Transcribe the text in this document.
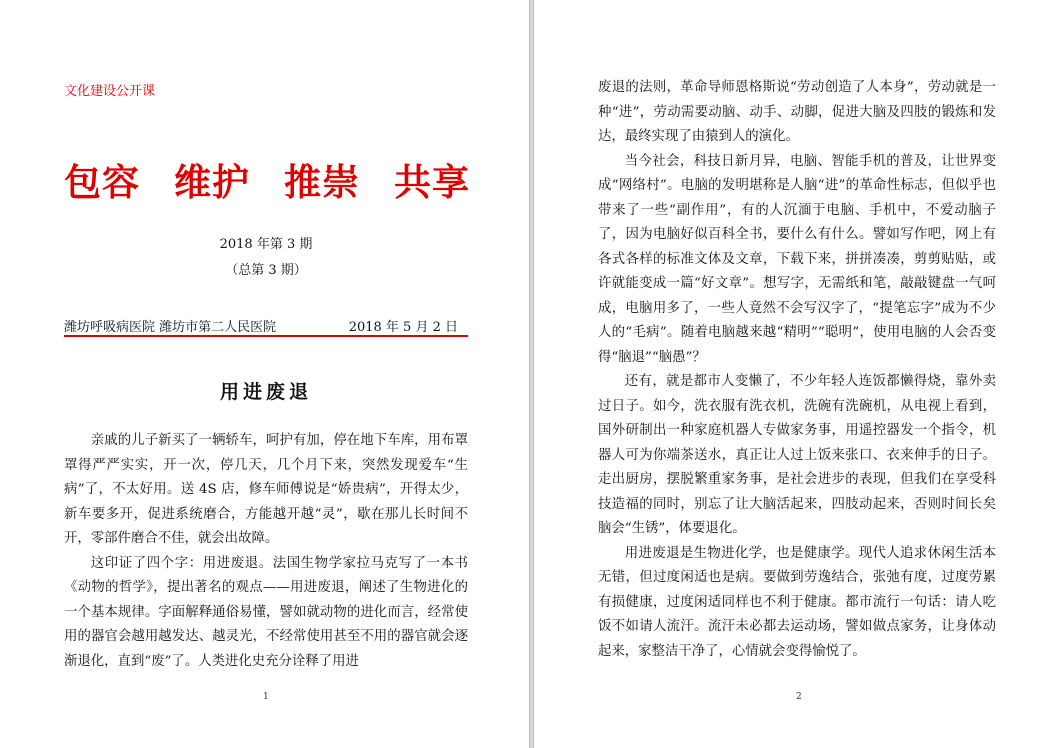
文化建设公开课
包容 维护 推崇 共享
2018 年第 3 期
（总第 3 期）
潍坊呼吸病医院 潍坊市第二人民医院	2018 年 5 月 2 日
用进废退

亲戚的儿子新买了一辆轿车，呵护有加，停在地下车库，用布罩罩得严严实实，开一次，停几天，几个月下来，突然发现爱车“生病”了，不太好用。送 4S 店，修车师傅说是“娇贵病”，开得太少，新车要多开，促进系统磨合，方能越开越“灵”，歇在那儿长时间不开，零部件磨合不佳，就会出故障。

这印证了四个字：用进废退。法国生物学家拉马克写了一本书《动物的哲学》，提出著名的观点——用进废退，阐述了生物进化的一个基本规律。字面解释通俗易懂，譬如就动物的进化而言，经常使用的器官会越用越发达、越灵光，不经常使用甚至不用的器官就会逐渐退化，直到“废”了。人类进化史充分诠释了用进

1

废退的法则，革命导师恩格斯说“劳动创造了人本身”，劳动就是一种“进”，劳动需要动脑、动手、动脚，促进大脑及四肢的锻炼和发达，最终实现了由猿到人的演化。

当今社会，科技日新月异，电脑、智能手机的普及，让世界变成“网络村”。电脑的发明堪称是人脑“进”的革命性标志，但似乎也带来了一些“副作用”，有的人沉湎于电脑、手机中，不爱动脑子了，因为电脑好似百科全书，要什么有什么。譬如写作吧，网上有各式各样的标准文体及文章，下载下来，拼拼凑凑，剪剪贴贴，或许就能变成一篇“好文章”。想写字，无需纸和笔，敲敲键盘一气呵成，电脑用多了，一些人竟然不会写汉字了，“提笔忘字”成为不少人的“毛病”。随着电脑越来越“精明”“聪明”，使用电脑的人会否变得“脑退”“脑愚”？

还有，就是都市人变懒了，不少年轻人连饭都懒得烧，靠外卖过日子。如今，洗衣服有洗衣机，洗碗有洗碗机，从电视上看到，国外研制出一种家庭机器人专做家务事，用遥控器发一个指令，机器人可为你端茶送水，真正让人过上饭来张口、衣来伸手的日子。走出厨房，摆脱繁重家务事，是社会进步的表现，但我们在享受科技造福的同时，别忘了让大脑活起来，四肢动起来，否则时间长矣脑会“生锈”，体要退化。

用进废退是生物进化学，也是健康学。现代人追求休闲生活本无错，但过度闲适也是病。要做到劳逸结合，张弛有度，过度劳累有损健康，过度闲适同样也不利于健康。都市流行一句话：请人吃饭不如请人流汗。流汗未必都去运动场，譬如做点家务，让身体动起来，家整洁干净了，心情就会变得愉悦了。

2
